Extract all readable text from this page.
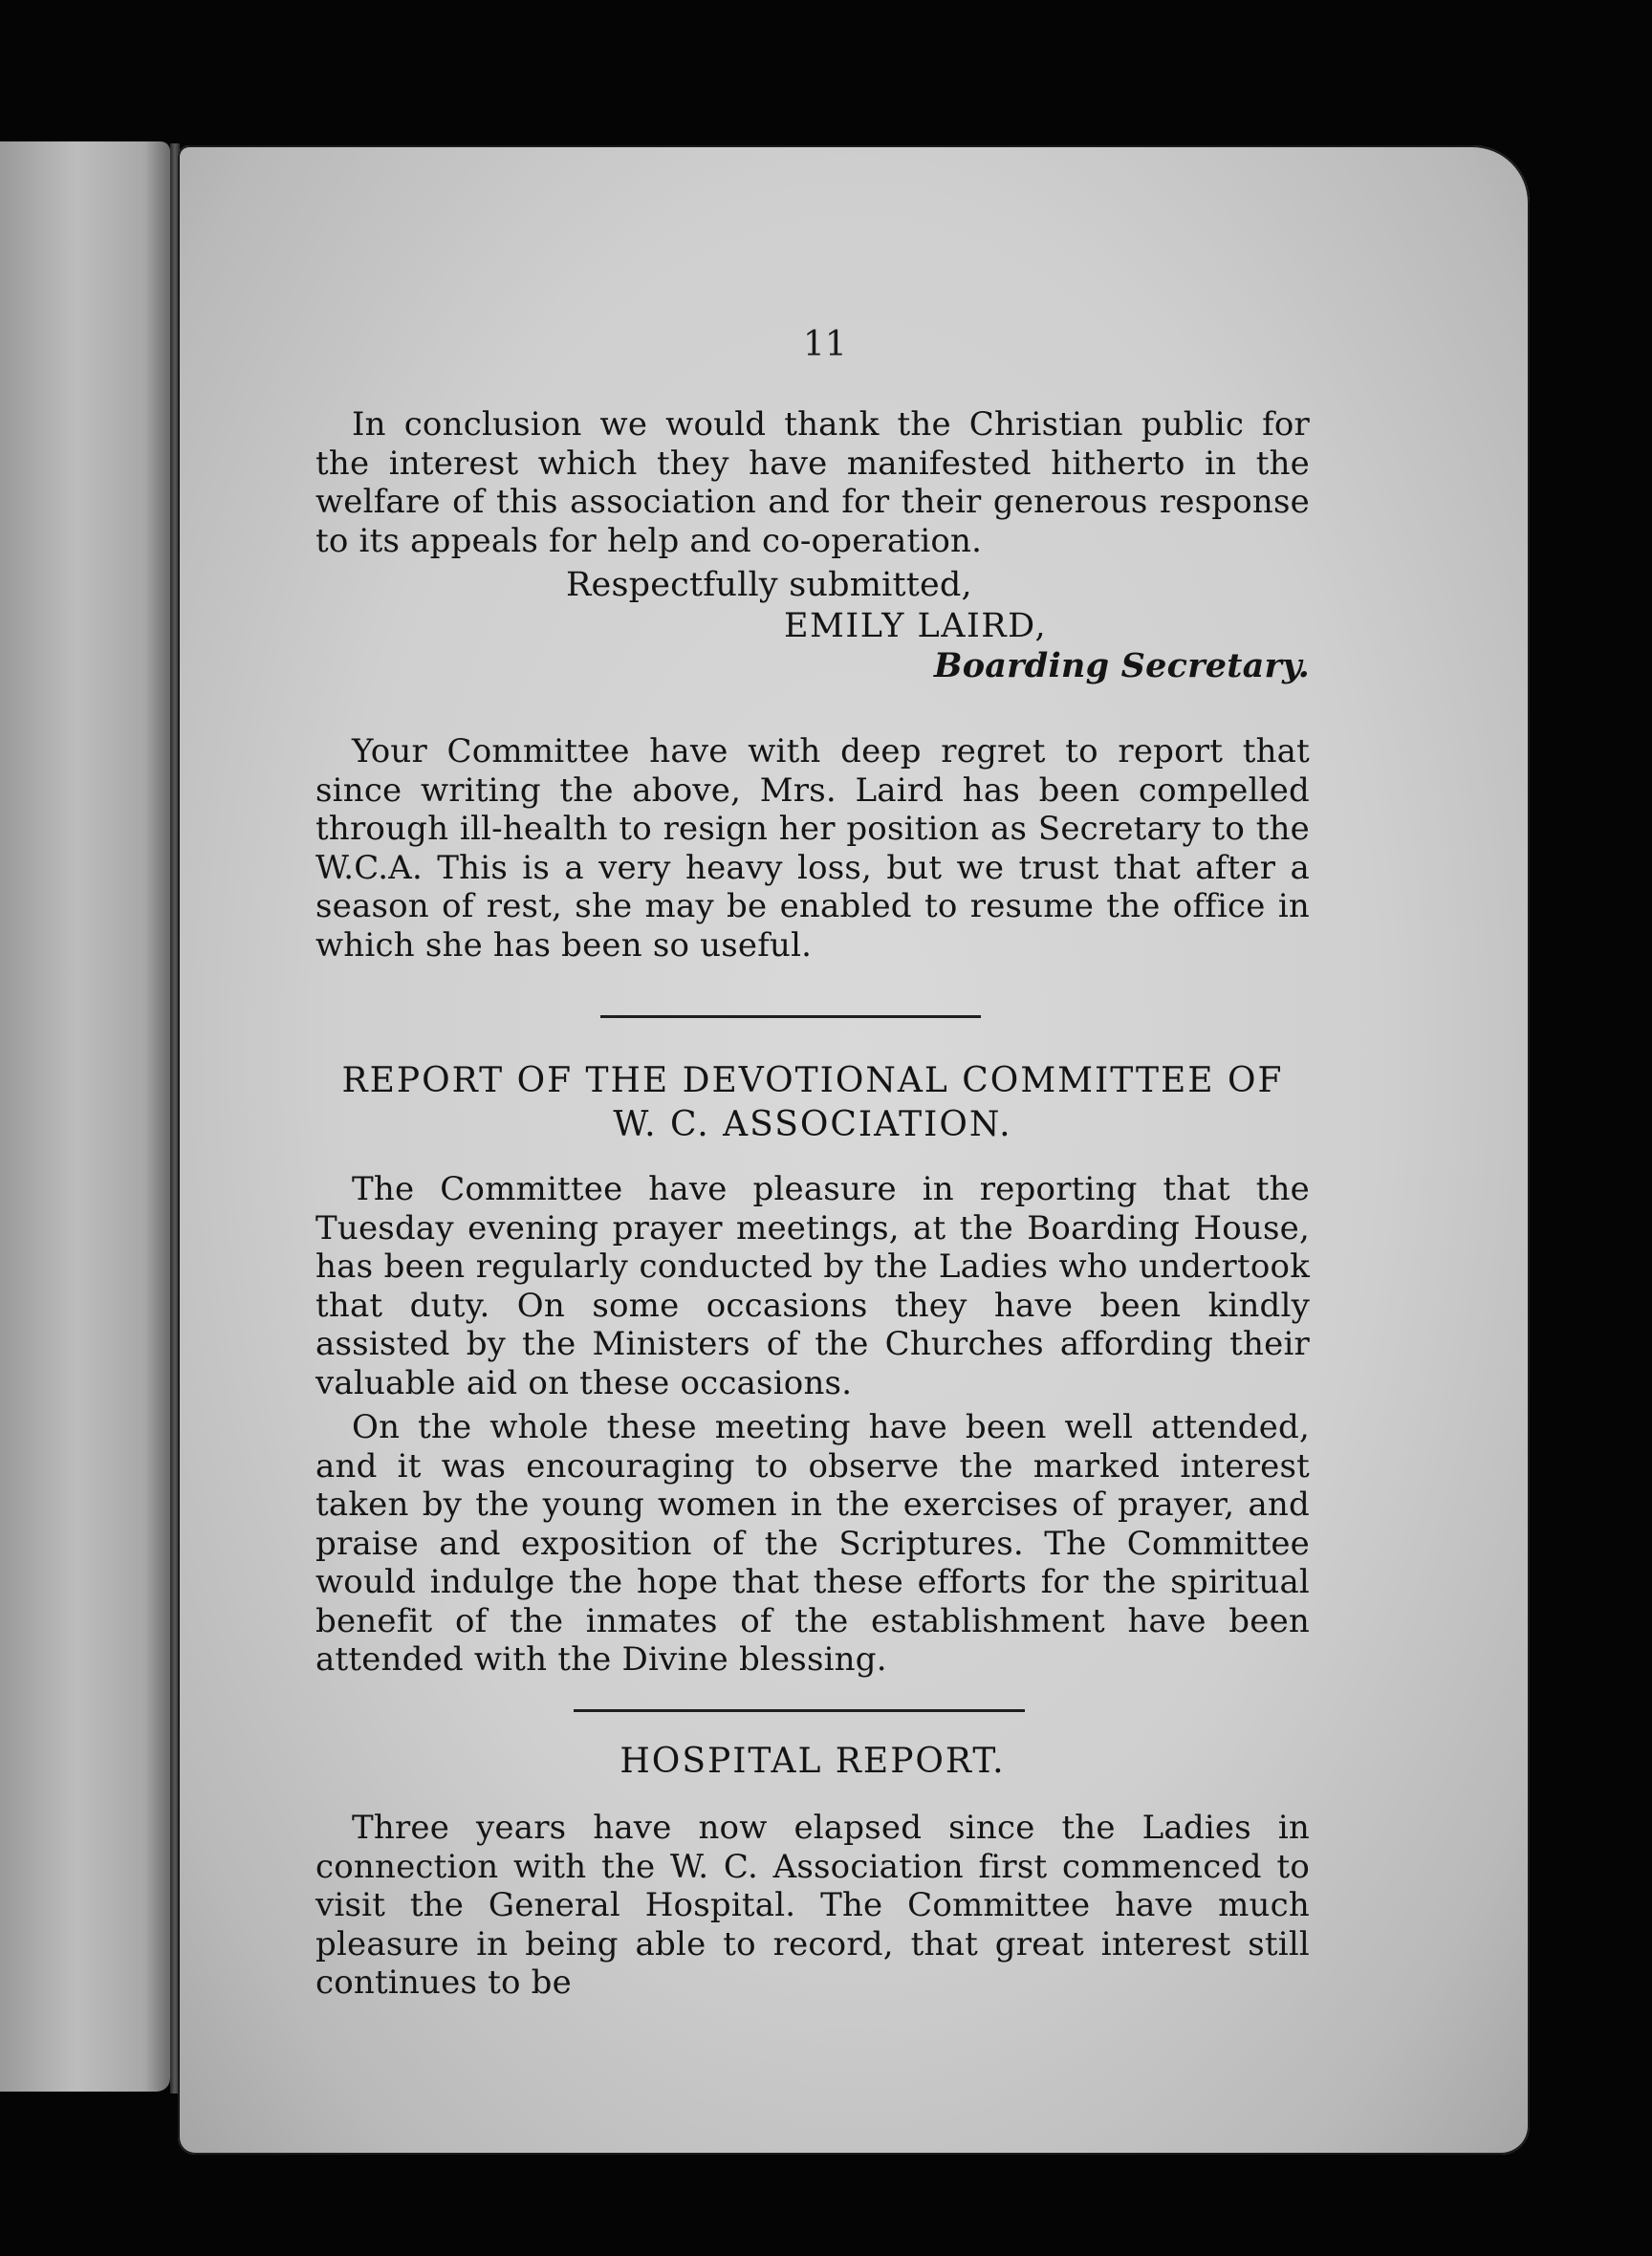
11

In conclusion we would thank the Christian public for the interest which they have manifested hitherto in the welfare of this association and for their generous response to its appeals for help and co-operation.

Respectfully submitted,

EMILY LAIRD,

Boarding Secretary.

Your Committee have with deep regret to report that since writing the above, Mrs. Laird has been compelled through ill-health to resign her position as Secretary to the W.C.A. This is a very heavy loss, but we trust that after a season of rest, she may be enabled to resume the office in which she has been so useful.

REPORT OF THE DEVOTIONAL COMMITTEE OF

W. C. ASSOCIATION.

The Committee have pleasure in reporting that the Tuesday evening prayer meetings, at the Boarding House, has been regularly conducted by the Ladies who undertook that duty. On some occasions they have been kindly assisted by the Ministers of the Churches affording their valuable aid on these occasions.

On the whole these meeting have been well attended, and it was encouraging to observe the marked interest taken by the young women in the exercises of prayer, and praise and exposition of the Scriptures. The Committee would indulge the hope that these efforts for the spiritual benefit of the inmates of the establishment have been attended with the Divine blessing.

HOSPITAL REPORT.

Three years have now elapsed since the Ladies in connection with the W. C. Association first commenced to visit the General Hospital. The Committee have much pleasure in being able to record, that great interest still continues to be
